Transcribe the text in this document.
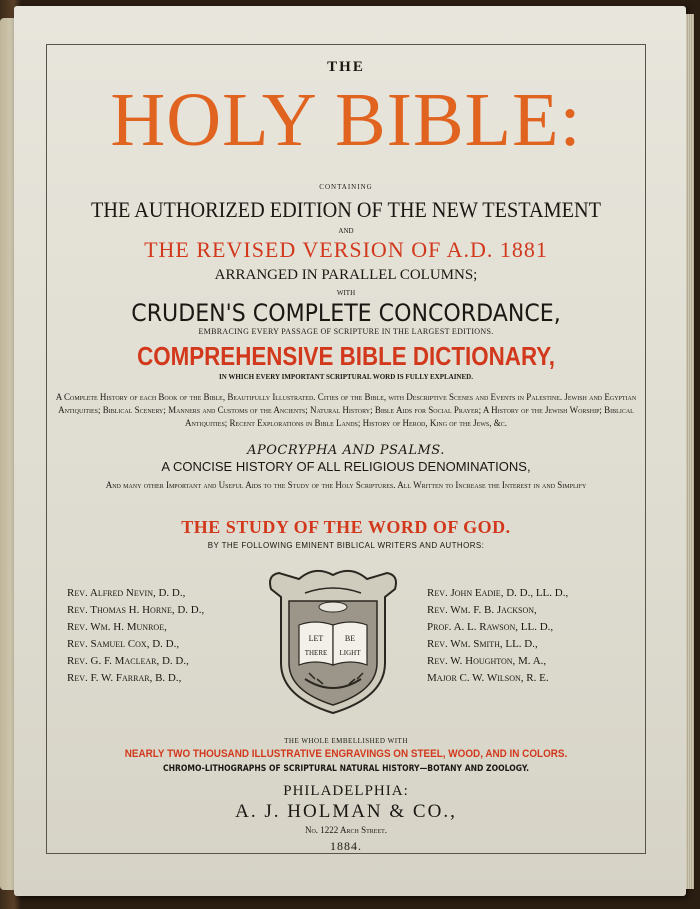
THE
HOLY BIBLE:
CONTAINING
THE AUTHORIZED EDITION OF THE NEW TESTAMENT
AND
THE REVISED VERSION OF A.D. 1881
ARRANGED IN PARALLEL COLUMNS;
WITH
CRUDEN'S COMPLETE CONCORDANCE,
EMBRACING EVERY PASSAGE OF SCRIPTURE IN THE LARGEST EDITIONS.
COMPREHENSIVE BIBLE DICTIONARY,
IN WHICH EVERY IMPORTANT SCRIPTURAL WORD IS FULLY EXPLAINED.
A Complete History of each Book of the Bible, Beautifully Illustrated. Cities of the Bible, with Descriptive Scenes and Events in Palestine. Jewish and Egyptian Antiquities; Biblical Scenery; Manners and Customs of the Ancients; Natural History; Bible Aids for Social Prayer; A History of the Jewish Worship; Biblical Antiquities; Recent Explorations in Bible Lands; History of Herod, King of the Jews, &c.
APOCRYPHA AND PSALMS.
A CONCISE HISTORY OF ALL RELIGIOUS DENOMINATIONS,
And many other Important and Useful Aids to the Study of the Holy Scriptures. All Written to Increase the Interest in and Simplify
THE STUDY OF THE WORD OF GOD.
BY THE FOLLOWING EMINENT BIBLICAL WRITERS AND AUTHORS:
Rev. Alfred Nevin, D. D.,
Rev. Thomas H. Horne, D. D.,
Rev. Wm. H. Munroe,
Rev. Samuel Cox, D. D.,
Rev. G. F. Maclear, D. D.,
Rev. F. W. Farrar, B. D.,
LET
THERE
BE
LIGHT
Rev. John Eadie, D. D., LL. D.,
Rev. Wm. F. B. Jackson,
Prof. A. L. Rawson, LL. D.,
Rev. Wm. Smith, LL. D.,
Rev. W. Houghton, M. A.,
Major C. W. Wilson, R. E.
THE WHOLE EMBELLISHED WITH
NEARLY TWO THOUSAND ILLUSTRATIVE ENGRAVINGS ON STEEL, WOOD, AND IN COLORS.
CHROMO-LITHOGRAPHS OF SCRIPTURAL NATURAL HISTORY—BOTANY AND ZOOLOGY.
PHILADELPHIA:
A. J. HOLMAN & CO.,
No. 1222 Arch Street.
1884.
